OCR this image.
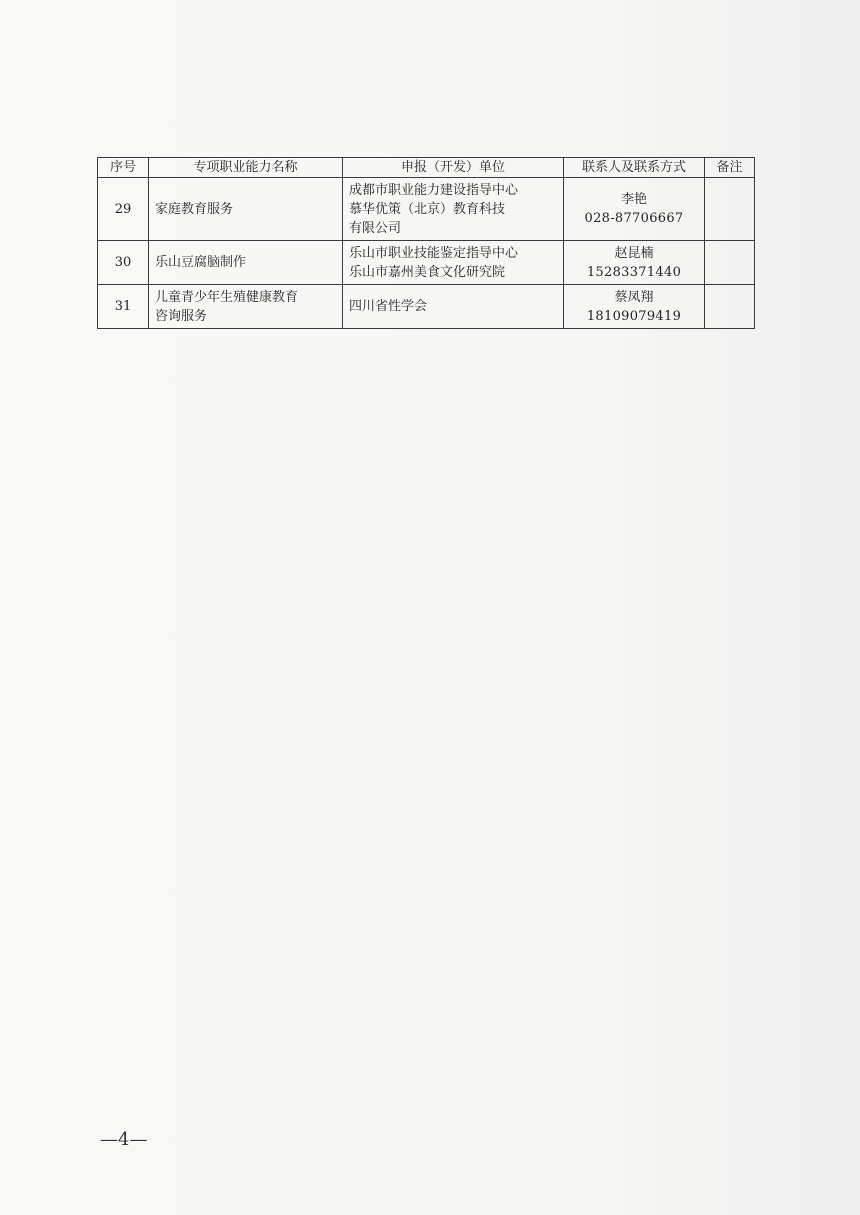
序号	专项职业能力名称	申报（开发）单位	联系人及联系方式	备注
29	家庭教育服务	成都市职业能力建设指导中心
慕华优策（北京）教育科技
有限公司	李艳
028-87706667	

30	乐山豆腐脑制作	乐山市职业技能鉴定指导中心
乐山市嘉州美食文化研究院	赵昆楠
15283371440	

31	儿童青少年生殖健康教育
咨询服务	四川省性学会	蔡凤翔
18109079419	

—4—
